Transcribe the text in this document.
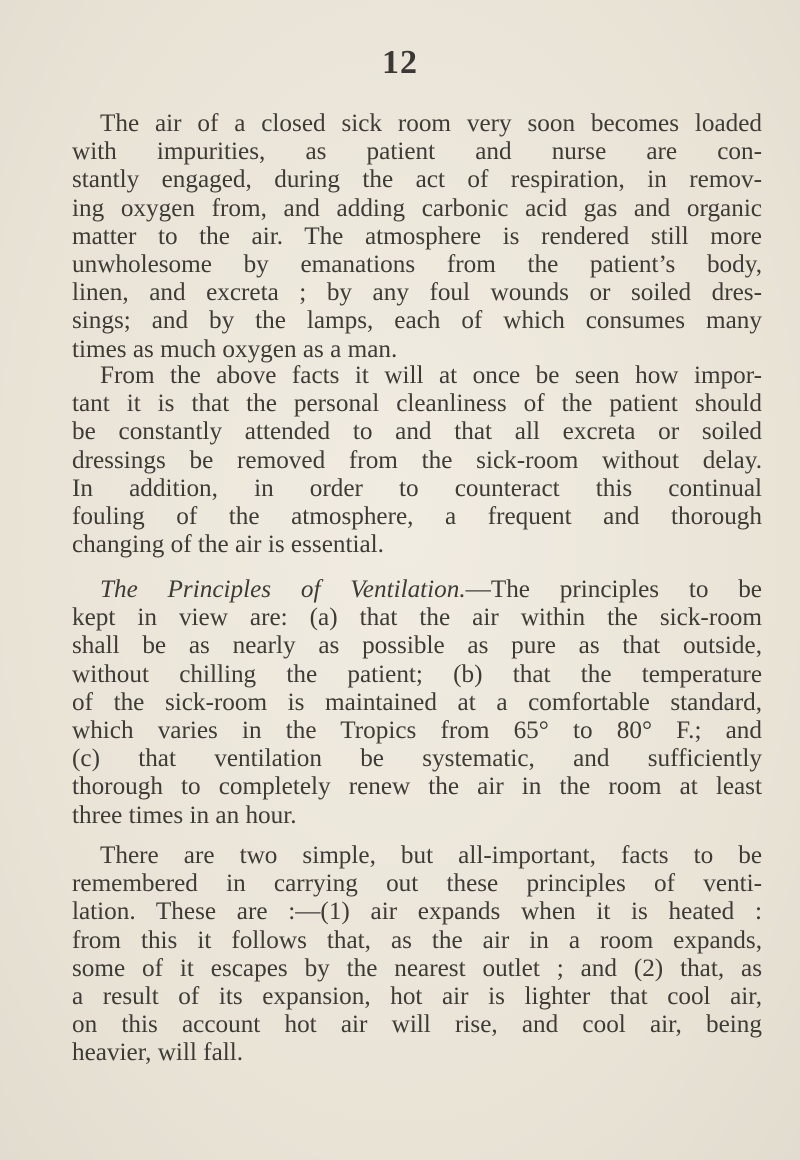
12

The air of a closed sick room very soon becomes loaded
with impurities, as patient and nurse are con-
stantly engaged, during the act of respiration, in remov-
ing oxygen from, and adding carbonic acid gas and organic
matter to the air. The atmosphere is rendered still more
unwholesome by emanations from the patient’s body,
linen, and excreta ; by any foul wounds or soiled dres-
sings; and by the lamps, each of which consumes many
times as much oxygen as a man.

From the above facts it will at once be seen how impor-
tant it is that the personal cleanliness of the patient should
be constantly attended to and that all excreta or soiled
dressings be removed from the sick-room without delay.
In addition, in order to counteract this continual
fouling of the atmosphere, a frequent and thorough
changing of the air is essential.

The Principles of Ventilation.—The principles to be
kept in view are: (a) that the air within the sick-room
shall be as nearly as possible as pure as that outside,
without chilling the patient; (b) that the temperature
of the sick-room is maintained at a comfortable standard,
which varies in the Tropics from 65° to 80° F.; and
(c) that ventilation be systematic, and sufficiently
thorough to completely renew the air in the room at least
three times in an hour.

There are two simple, but all-important, facts to be
remembered in carrying out these principles of venti-
lation. These are :—(1) air expands when it is heated :
from this it follows that, as the air in a room expands,
some of it escapes by the nearest outlet ; and (2) that, as
a result of its expansion, hot air is lighter that cool air,
on this account hot air will rise, and cool air, being
heavier, will fall.
